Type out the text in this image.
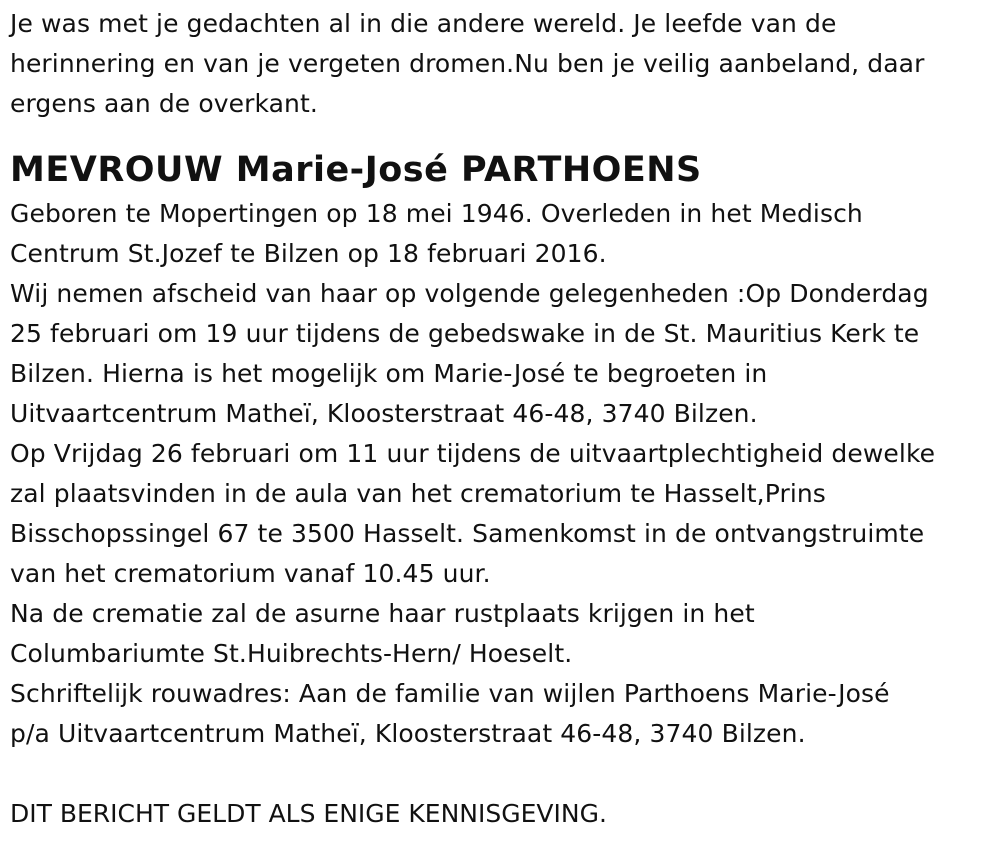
Je was met je gedachten al in die andere wereld. Je leefde van de
herinnering en van je vergeten dromen.Nu ben je veilig aanbeland, daar
ergens aan de overkant.
MEVROUW Marie-José PARTHOENS
Geboren te Mopertingen op 18 mei 1946. Overleden in het Medisch
Centrum St.Jozef te Bilzen op 18 februari 2016.
Wij nemen afscheid van haar op volgende gelegenheden :Op Donderdag
25 februari om 19 uur tijdens de gebedswake in de St. Mauritius Kerk te
Bilzen. Hierna is het mogelijk om Marie-José te begroeten in
Uitvaartcentrum Matheï, Kloosterstraat 46-48, 3740 Bilzen.
Op Vrijdag 26 februari om 11 uur tijdens de uitvaartplechtigheid dewelke
zal plaatsvinden in de aula van het crematorium te Hasselt,Prins
Bisschopssingel 67 te 3500 Hasselt. Samenkomst in de ontvangstruimte
van het crematorium vanaf 10.45 uur.
Na de crematie zal de asurne haar rustplaats krijgen in het
Columbariumte St.Huibrechts-Hern/ Hoeselt.
Schriftelijk rouwadres: Aan de familie van wijlen Parthoens Marie-José
p/a Uitvaartcentrum Matheï, Kloosterstraat 46-48, 3740 Bilzen.
DIT BERICHT GELDT ALS ENIGE KENNISGEVING.
